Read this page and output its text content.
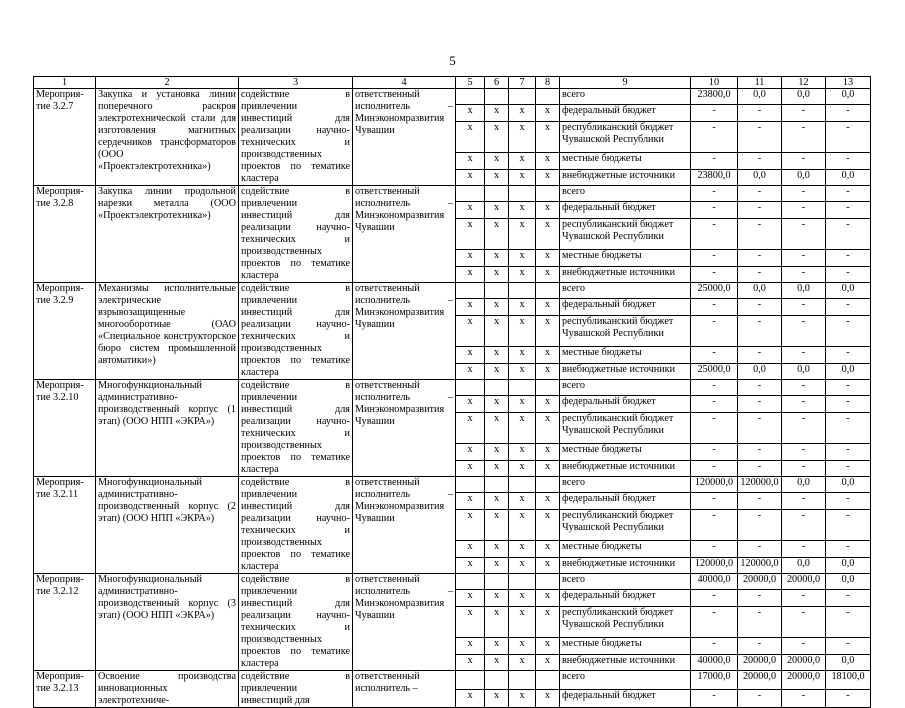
5
1	2	3	4	5	6	7	8	9	10	11	12	13
Мероприя-тие 3.2.7	Закупка и установка линии поперечного раскроя электротехнической стали для изготовления магнитных сердечников трансформаторов (ООО «Проектэлектротехника»)	содействие в привлечении инвестиций для реализации научно-технических и производственных проектов по тематике кластера	ответственный исполнитель – Минэкономразвития Чувашии					всего	23800,0	0,0	0,0	0,0
				x	x	x	x	федеральный бюджет	-	-	-	-
				x	x	x	x	республиканский бюджет Чувашской Республики	-	-	-	-
				x	x	x	x	местные бюджеты	-	-	-	-
				x	x	x	x	внебюджетные источники	23800,0	0,0	0,0	0,0
Мероприя-тие 3.2.8	Закупка линии продольной нарезки металла (ООО «Проектэлектротехника»)	содействие в привлечении инвестиций для реализации научно-технических и производственных проектов по тематике кластера	ответственный исполнитель – Минэкономразвития Чувашии					всего	-	-	-	-
				x	x	x	x	федеральный бюджет	-	-	-	-
				x	x	x	x	республиканский бюджет Чувашской Республики	-	-	-	-
				x	x	x	x	местные бюджеты	-	-	-	-
				x	x	x	x	внебюджетные источники	-	-	-	-
Мероприя-тие 3.2.9	Механизмы исполнительные электрические взрывозащищенные многооборотные (ОАО «Специальное конструкторское бюро систем промышленной автоматики»)	содействие в привлечении инвестиций для реализации научно-технических и производственных проектов по тематике кластера	ответственный исполнитель – Минэкономразвития Чувашии					всего	25000,0	0,0	0,0	0,0
				x	x	x	x	федеральный бюджет	-	-	-	-
				x	x	x	x	республиканский бюджет Чувашской Республики	-	-	-	-
				x	x	x	x	местные бюджеты	-	-	-	-
				x	x	x	x	внебюджетные источники	25000,0	0,0	0,0	0,0
Мероприя-тие 3.2.10	Многофункциональный административно-производственный корпус (1 этап) (ООО НПП «ЭКРА»)	содействие в привлечении инвестиций для реализации научно-технических и производственных проектов по тематике кластера	ответственный исполнитель – Минэкономразвития Чувашии					всего	-	-	-	-
				x	x	x	x	федеральный бюджет	-	-	-	-
				x	x	x	x	республиканский бюджет Чувашской Республики	-	-	-	-
				x	x	x	x	местные бюджеты	-	-	-	-
				x	x	x	x	внебюджетные источники	-	-	-	-
Мероприя-тие 3.2.11	Многофункциональный административно-производственный корпус (2 этап) (ООО НПП «ЭКРА»)	содействие в привлечении инвестиций для реализации научно-технических и производственных проектов по тематике кластера	ответственный исполнитель – Минэкономразвития Чувашии					всего	120000,0	120000,0	0,0	0,0
				x	x	x	x	федеральный бюджет	-	-	-	-
				x	x	x	x	республиканский бюджет Чувашской Республики	-	-	-	-
				x	x	x	x	местные бюджеты	-	-	-	-
				x	x	x	x	внебюджетные источники	120000,0	120000,0	0,0	0,0
Мероприя-тие 3.2.12	Многофункциональный административно-производственный корпус (3 этап) (ООО НПП «ЭКРА»)	содействие в привлечении инвестиций для реализации научно-технических и производственных проектов по тематике кластера	ответственный исполнитель – Минэкономразвития Чувашии					всего	40000,0	20000,0	20000,0	0,0
				x	x	x	x	федеральный бюджет	-	-	-	-
				x	x	x	x	республиканский бюджет Чувашской Республики	-	-	-	-
				x	x	x	x	местные бюджеты	-	-	-	-
				x	x	x	x	внебюджетные источники	40000,0	20000,0	20000,0	0,0
Мероприя-тие 3.2.13	Освоение производства инновационных электротехниче-	содействие в привлечении инвестиций для	ответственный исполнитель –					всего	17000,0	20000,0	20000,0	18100,0
				x	x	x	x	федеральный бюджет	-	-	-	-
